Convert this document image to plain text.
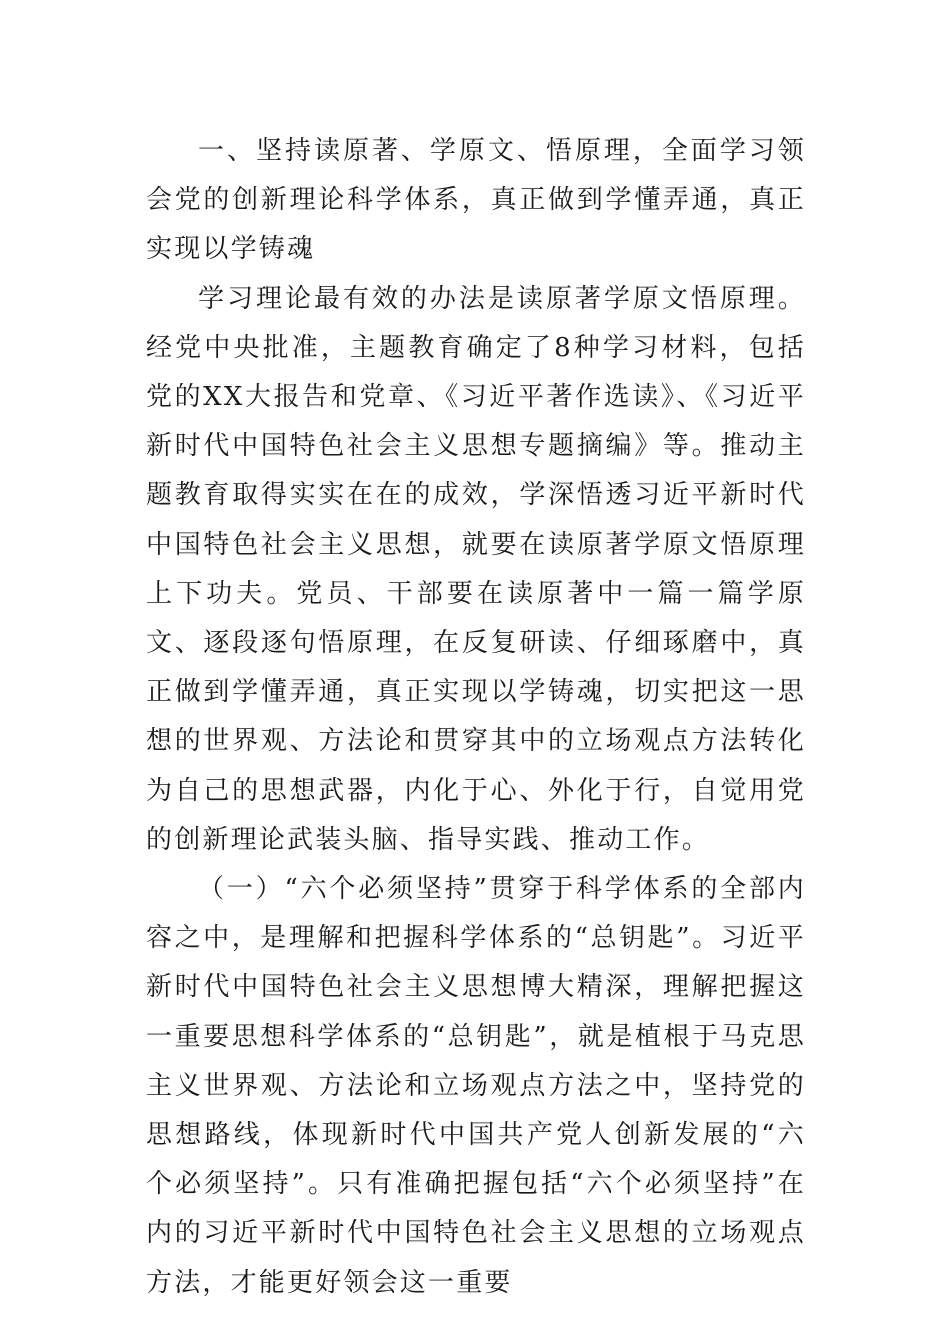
一、坚持读原著、学原文、悟原理，全面学习领会党的创新理论科学体系，真正做到学懂弄通，真正实现以学铸魂

学习理论最有效的办法是读原著学原文悟原理。经党中央批准，主题教育确定了8种学习材料，包括党的XX大报告和党章、《习近平著作选读》、《习近平新时代中国特色社会主义思想专题摘编》等。推动主题教育取得实实在在的成效，学深悟透习近平新时代中国特色社会主义思想，就要在读原著学原文悟原理上下功夫。党员、干部要在读原著中一篇一篇学原文、逐段逐句悟原理，在反复研读、仔细琢磨中，真正做到学懂弄通，真正实现以学铸魂，切实把这一思想的世界观、方法论和贯穿其中的立场观点方法转化为自己的思想武器，内化于心、外化于行，自觉用党的创新理论武装头脑、指导实践、推动工作。

（一）“六个必须坚持”贯穿于科学体系的全部内容之中，是理解和把握科学体系的“总钥匙”。习近平新时代中国特色社会主义思想博大精深，理解把握这一重要思想科学体系的“总钥匙”，就是植根于马克思主义世界观、方法论和立场观点方法之中，坚持党的思想路线，体现新时代中国共产党人创新发展的“六个必须坚持”。只有准确把握包括“六个必须坚持”在内的习近平新时代中国特色社会主义思想的立场观点方法，才能更好领会这一重要
